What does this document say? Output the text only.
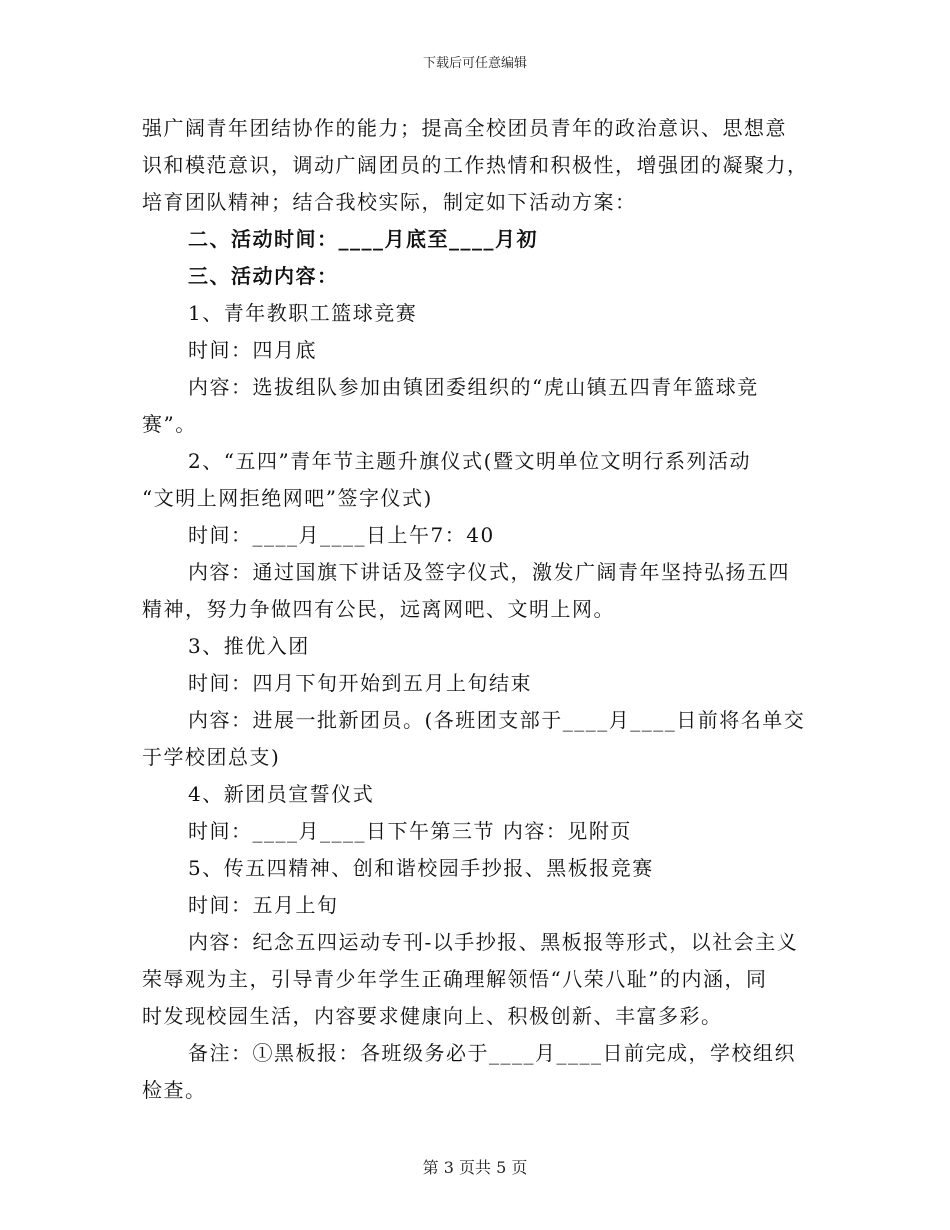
下载后可任意编辑
强广阔青年团结协作的能力；提高全校团员青年的政治意识、思想意
识和模范意识，调动广阔团员的工作热情和积极性，增强团的凝聚力，
培育团队精神；结合我校实际，制定如下活动方案：
二、活动时间：____月底至____月初
三、活动内容：
1、青年教职工篮球竞赛
时间：四月底
内容：选拔组队参加由镇团委组织的“虎山镇五四青年篮球竞
赛”。
2、“五四”青年节主题升旗仪式(暨文明单位文明行系列活动
“文明上网拒绝网吧”签字仪式)
时间：____月____日上午7：40
内容：通过国旗下讲话及签字仪式，激发广阔青年坚持弘扬五四
精神，努力争做四有公民，远离网吧、文明上网。
3、推优入团
时间：四月下旬开始到五月上旬结束
内容：进展一批新团员。(各班团支部于____月____日前将名单交
于学校团总支)
4、新团员宣誓仪式
时间：____月____日下午第三节 内容：见附页
5、传五四精神、创和谐校园手抄报、黑板报竞赛
时间：五月上旬
内容：纪念五四运动专刊-以手抄报、黑板报等形式，以社会主义
荣辱观为主，引导青少年学生正确理解领悟“八荣八耻”的内涵，同
时发现校园生活，内容要求健康向上、积极创新、丰富多彩。
备注：①黑板报：各班级务必于____月____日前完成，学校组织
检查。
第 3 页共 5 页
